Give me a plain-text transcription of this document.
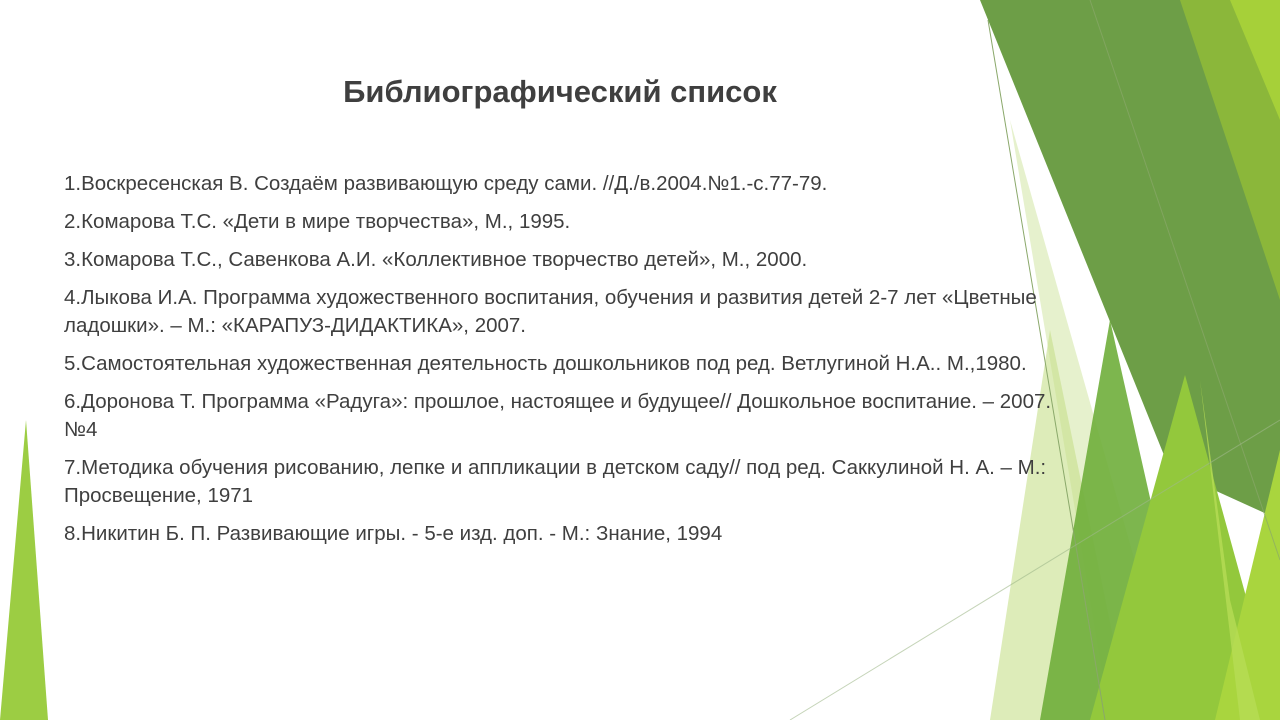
Библиографический список

1.Воскресенская В. Создаём развивающую среду сами. //Д./в.2004.№1.-с.77-79.

2.Комарова Т.С. «Дети в мире творчества», М., 1995.

3.Комарова Т.С., Савенкова А.И. «Коллективное творчество детей», М., 2000.

4.Лыкова И.А. Программа художественного воспитания, обучения и развития детей 2-7 лет «Цветные ладошки». – М.: «КАРАПУЗ-ДИДАКТИКА», 2007.

5.Самостоятельная художественная деятельность дошкольников под ред. Ветлугиной Н.А.. М.,1980.

6.Доронова Т. Программа «Радуга»: прошлое, настоящее и будущее// Дошкольное воспитание. – 2007. №4

7.Методика обучения рисованию, лепке и аппликации в детском саду// под ред. Саккулиной Н. А. – М.: Просвещение, 1971

8.Никитин Б. П. Развивающие игры. - 5-е изд. доп. - М.: Знание, 1994
